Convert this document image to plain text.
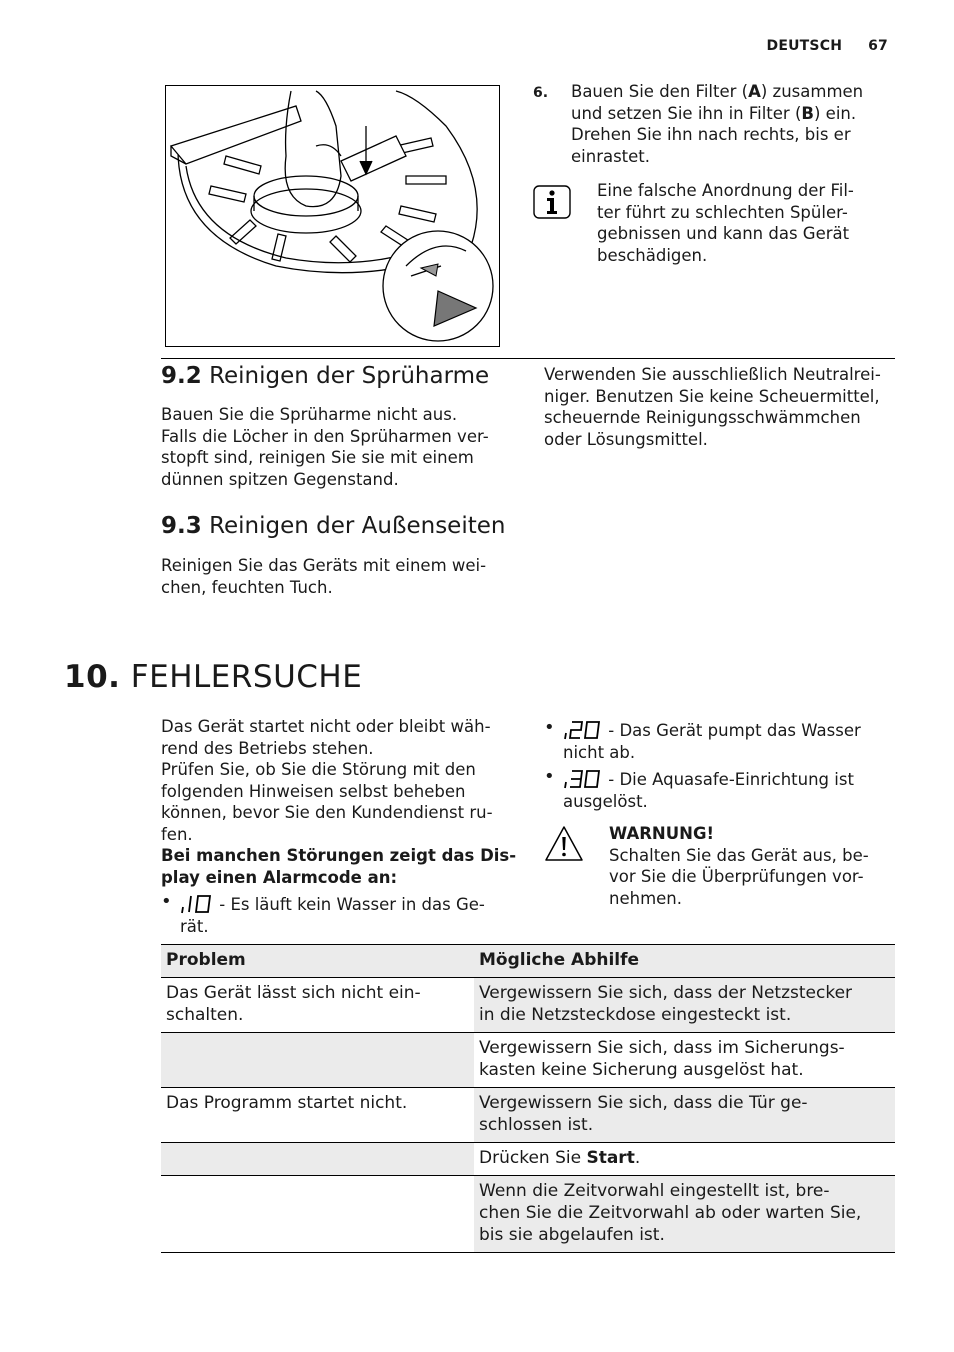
DEUTSCH 67
6. Bauen Sie den Filter (A) zusammen
und setzen Sie ihn in Filter (B) ein.
Drehen Sie ihn nach rechts, bis er
einrastet.
Eine falsche Anordnung der Fil-
ter führt zu schlechten Spüler-
gebnissen und kann das Gerät
beschädigen.
9.2 Reinigen der Sprüharme
Bauen Sie die Sprüharme nicht aus.
Falls die Löcher in den Sprüharmen ver-
stopft sind, reinigen Sie sie mit einem
dünnen spitzen Gegenstand.
Verwenden Sie ausschließlich Neutralrei-
niger. Benutzen Sie keine Scheuermittel,
scheuernde Reinigungsschwämmchen
oder Lösungsmittel.
9.3 Reinigen der Außenseiten
Reinigen Sie das Geräts mit einem wei-
chen, feuchten Tuch.
10. FEHLERSUCHE
Das Gerät startet nicht oder bleibt wäh-
rend des Betriebs stehen.
Prüfen Sie, ob Sie die Störung mit den
folgenden Hinweisen selbst beheben
können, bevor Sie den Kundendienst ru-
fen.
Bei manchen Störungen zeigt das Dis-
play einen Alarmcode an:
•	- Es läuft kein Wasser in das Ge-
rät.
•	- Das Gerät pumpt das Wasser
nicht ab.
•	- Die Aquasafe-Einrichtung ist
ausgelöst.
WARNUNG!
Schalten Sie das Gerät aus, be-
vor Sie die Überprüfungen vor-
nehmen.
Problem	Mögliche Abhilfe
Das Gerät lässt sich nicht ein-
schalten.	Vergewissern Sie sich, dass der Netzstecker
in die Netzsteckdose eingesteckt ist.
	Vergewissern Sie sich, dass im Sicherungs-
kasten keine Sicherung ausgelöst hat.
Das Programm startet nicht.	Vergewissern Sie sich, dass die Tür ge-
schlossen ist.
	Drücken Sie Start.
	Wenn die Zeitvorwahl eingestellt ist, bre-
chen Sie die Zeitvorwahl ab oder warten Sie,
bis sie abgelaufen ist.
